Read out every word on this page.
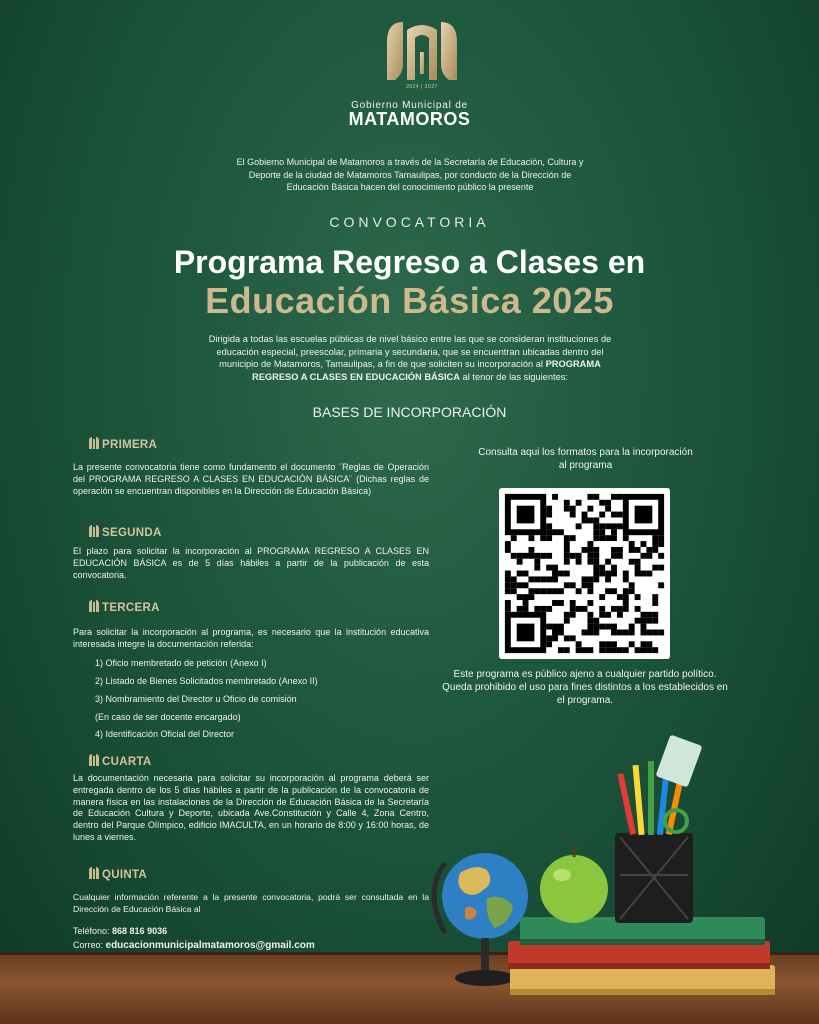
2024 | 2027
Gobierno Municipal de
MATAMOROS
El Gobierno Municipal de Matamoros a través de la Secretaría de Educación, Cultura y Deporte de la ciudad de Matamoros Tamaulipas, por conducto de la Dirección de Educación Básica hacen del conocimiento público la presente
CONVOCATORIA
Programa Regreso a Clases en
Educación Básica 2025
Dirigida a todas las escuelas públicas de nivel básico entre las que se consideran instituciones de educación especial, preescolar, primaria y secundaria, que se encuentran ubicadas dentro del municipio de Matamoros, Tamaulipas, a fin de que soliciten su incorporación al PROGRAMA REGRESO A CLASES EN EDUCACIÓN BÁSICA al tenor de las siguientes:
BASES DE INCORPORACIÓN
PRIMERA
La presente convocatoria tiene como fundamento el documento ¨Reglas de Operación del PROGRAMA REGRESO A CLASES EN EDUCACIÓN BÁSICA¨ (Dichas reglas de operación se encuentran disponibles en la Dirección de Educación Básica)
SEGUNDA
El plazo para solicitar la incorporación al PROGRAMA REGRESO A CLASES EN EDUCACIÓN BÁSICA es de 5 días hábiles a partir de la publicación de esta convocatoria.
TERCERA
Para solicitar la incorporación al programa, es necesario que la institución educativa interesada integre la documentación referida:
1) Oficio membretado de petición (Anexo I)
2) Listado de Bienes Solicitados membretado (Anexo II)
3) Nombramiento del Director u Oficio de comisión
(En caso de ser docente encargado)
4) Identificación Oficial del Director
CUARTA
La documentación necesaria para solicitar su incorporación al programa deberá ser entregada dentro de los 5 días hábiles a partir de la publicación de la convocatoria de manera física en las instalaciones de la Dirección de Educación Básica de la Secretaría de Educación Cultura y Deporte, ubicada Ave.Constitución y Calle 4, Zona Centro, dentro del Parque Olímpico, edificio IMACULTA, en un horario de 8:00 y 16:00 horas, de lunes a viernes.
QUINTA
Cualquier información referente a la presente convocatoria, podrá ser consultada en la Dirección de Educación Básica al
Teléfono: 868 816 9036
Correo: educacionmunicipalmatamoros@gmail.com
Consulta aqui los formatos para la incorporación al programa
Este programa es público ajeno a cualquier partido político. Queda prohibido el uso para fines distintos a los establecidos en el programa.
